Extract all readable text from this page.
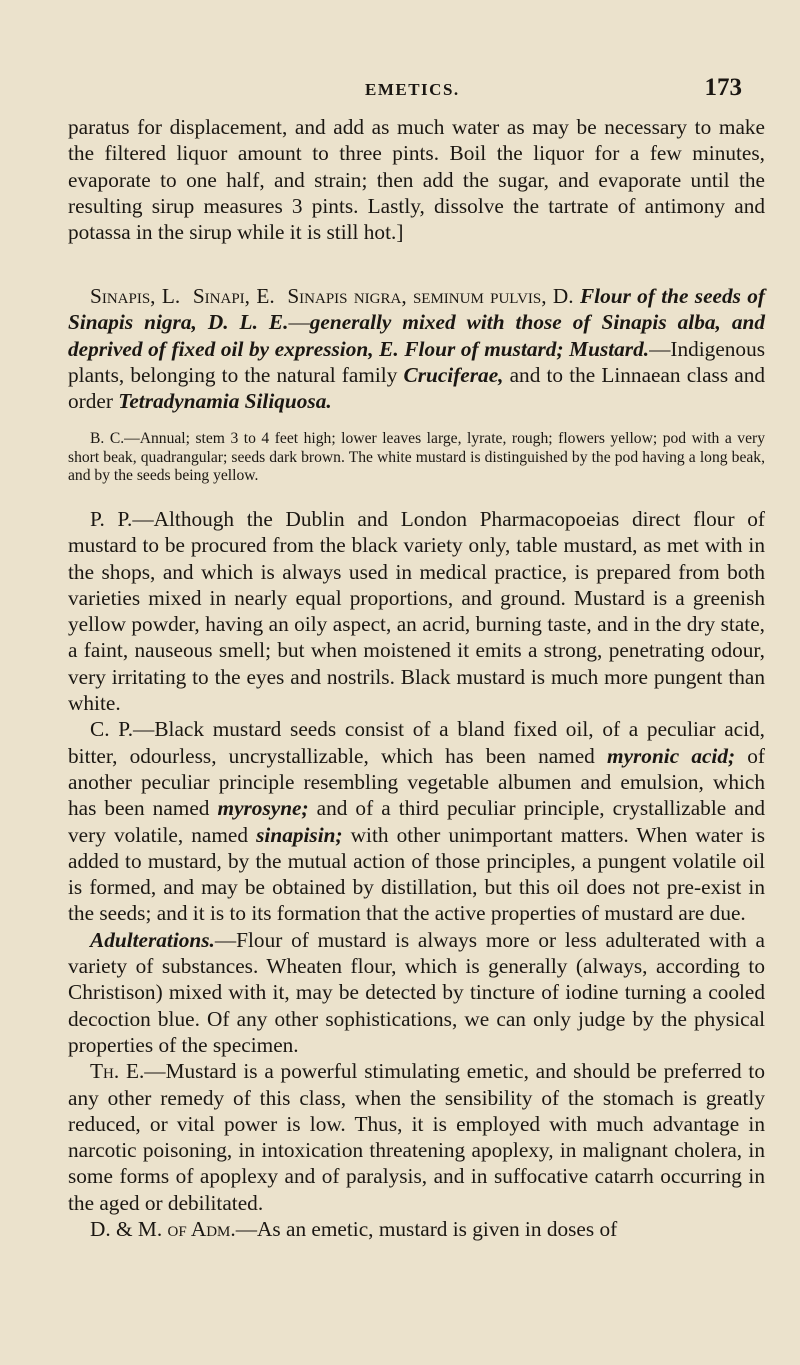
EMETICS.	173

paratus for displacement, and add as much water as may be necessary to make the filtered liquor amount to three pints. Boil the liquor for a few minutes, evaporate to one half, and strain; then add the sugar, and evaporate until the resulting sirup measures 3 pints. Lastly, dissolve the tartrate of antimony and potassa in the sirup while it is still hot.]

Sinapis, L. Sinapi, E. Sinapis nigra, seminum pulvis, D. Flour of the seeds of Sinapis nigra, D. L. E.—generally mixed with those of Sinapis alba, and deprived of fixed oil by expression, E. Flour of mustard; Mustard.—Indigenous plants, belonging to the natural family Cruciferae, and to the Linnaean class and order Tetradynamia Siliquosa.

B. C.—Annual; stem 3 to 4 feet high; lower leaves large, lyrate, rough; flowers yellow; pod with a very short beak, quadrangular; seeds dark brown. The white mustard is distinguished by the pod having a long beak, and by the seeds being yellow.

P. P.—Although the Dublin and London Pharmacopoeias direct flour of mustard to be procured from the black variety only, table mustard, as met with in the shops, and which is always used in medical practice, is prepared from both varieties mixed in nearly equal proportions, and ground. Mustard is a greenish yellow powder, having an oily aspect, an acrid, burning taste, and in the dry state, a faint, nauseous smell; but when moistened it emits a strong, penetrating odour, very irritating to the eyes and nostrils. Black mustard is much more pungent than white.

C. P.—Black mustard seeds consist of a bland fixed oil, of a peculiar acid, bitter, odourless, uncrystallizable, which has been named myronic acid; of another peculiar principle resembling vegetable albumen and emulsion, which has been named myrosyne; and of a third peculiar principle, crystallizable and very volatile, named sinapisin; with other unimportant matters. When water is added to mustard, by the mutual action of those principles, a pungent volatile oil is formed, and may be obtained by distillation, but this oil does not pre-exist in the seeds; and it is to its formation that the active properties of mustard are due.

Adulterations.—Flour of mustard is always more or less adulterated with a variety of substances. Wheaten flour, which is generally (always, according to Christison) mixed with it, may be detected by tincture of iodine turning a cooled decoction blue. Of any other sophistications, we can only judge by the physical properties of the specimen.

Th. E.—Mustard is a powerful stimulating emetic, and should be preferred to any other remedy of this class, when the sensibility of the stomach is greatly reduced, or vital power is low. Thus, it is employed with much advantage in narcotic poisoning, in intoxication threatening apoplexy, in malignant cholera, in some forms of apoplexy and of paralysis, and in suffocative catarrh occurring in the aged or debilitated.

D. & M. of Adm.—As an emetic, mustard is given in doses of
